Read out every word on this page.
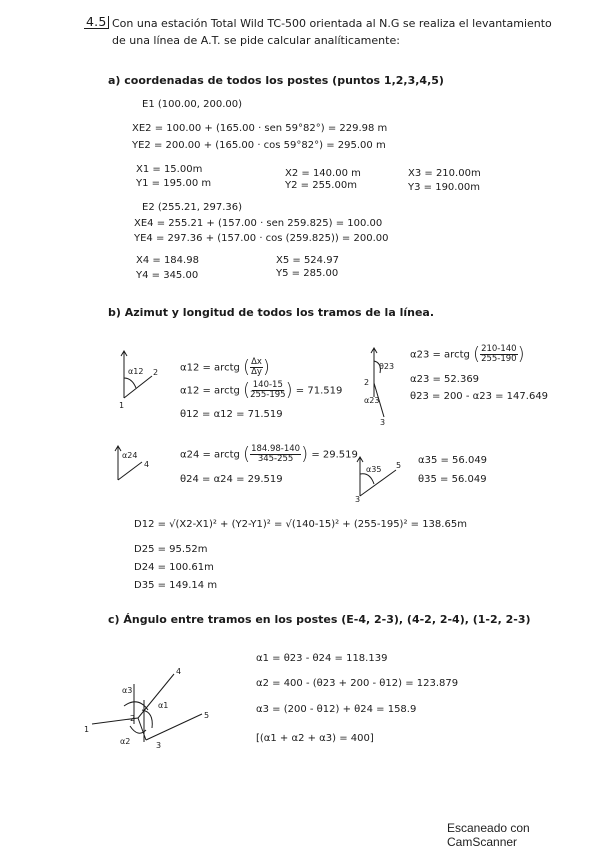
4.5 Con una estación Total Wild TC-500 orientada al N.G se realiza el levantamiento
de una línea de A.T. se pide calcular analíticamente:
a) coordenadas de todos los postes (puntos 1,2,3,4,5)
E1 (100.00, 200.00)
XE2 = 100.00 + (165.00 · sen 59°82°) = 229.98 m
YE2 = 200.00 + (165.00 · cos 59°82°) = 295.00 m
X1 = 15.00m
Y1 = 195.00 m
X2 = 140.00 m
Y2 = 255.00m
X3 = 210.00m
Y3 = 190.00m
E2 (255.21, 297.36)
XE4 = 255.21 + (157.00 · sen 259.825) = 100.00
YE4 = 297.36 + (157.00 · cos (259.825)) = 200.00
X4 = 184.98
Y4 = 345.00
X5 = 524.97
Y5 = 285.00
b) Azimut y longitud de todos los tramos de la línea.
α12 2
1
α12 = arctg ( $\frac{\Delta x}{\Delta y}$ )
α12 = arctg ( $\frac{140-15}{255-195}$ ) = 71.519
θ12 = α12 = 71.519
θ23
α23
2
3
α23 = arctg ( $\frac{210-140}{255-190}$ )
α23 = 52.369
θ23 = 200 - α23 = 147.649
α24
4
α24 = arctg ( $\frac{184.98-140}{345-255}$ ) = 29.519
θ24 = α24 = 29.519
α35 5
3
α35 = 56.049
θ35 = 56.049
D12 = √(X2-X1)² + (Y2-Y1)² = √(140-15)² + (255-195)² = 138.65m
D25 = 95.52m
D24 = 100.61m
D35 = 149.14 m
c) Ángulo entre tramos en los postes (E-4, 2-3), (4-2, 2-4), (1-2, 2-3)
α1 = θ23 - θ24 = 118.139
α2 = 400 - (θ23 + 200 - θ12) = 123.879
α3 = (200 - θ12) + θ24 = 158.9
[(α1 + α2 + α3) = 400]
α3
α1
α2
2
3
4
5
1
Escaneado con CamScanner
